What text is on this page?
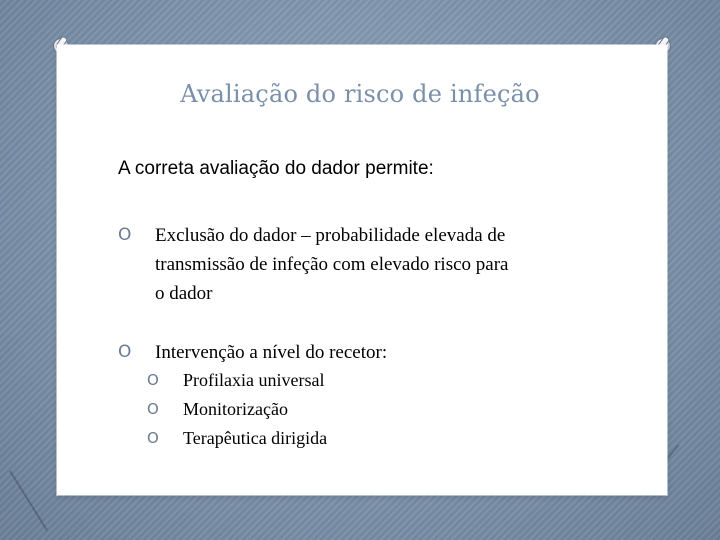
Avaliação do risco de infeção
A correta avaliação do dador permite:
O Exclusão do dador – probabilidade elevada de
transmissão de infeção com elevado risco para
o dador
O Intervenção a nível do recetor:
O Profilaxia universal
O Monitorização
O Terapêutica dirigida
